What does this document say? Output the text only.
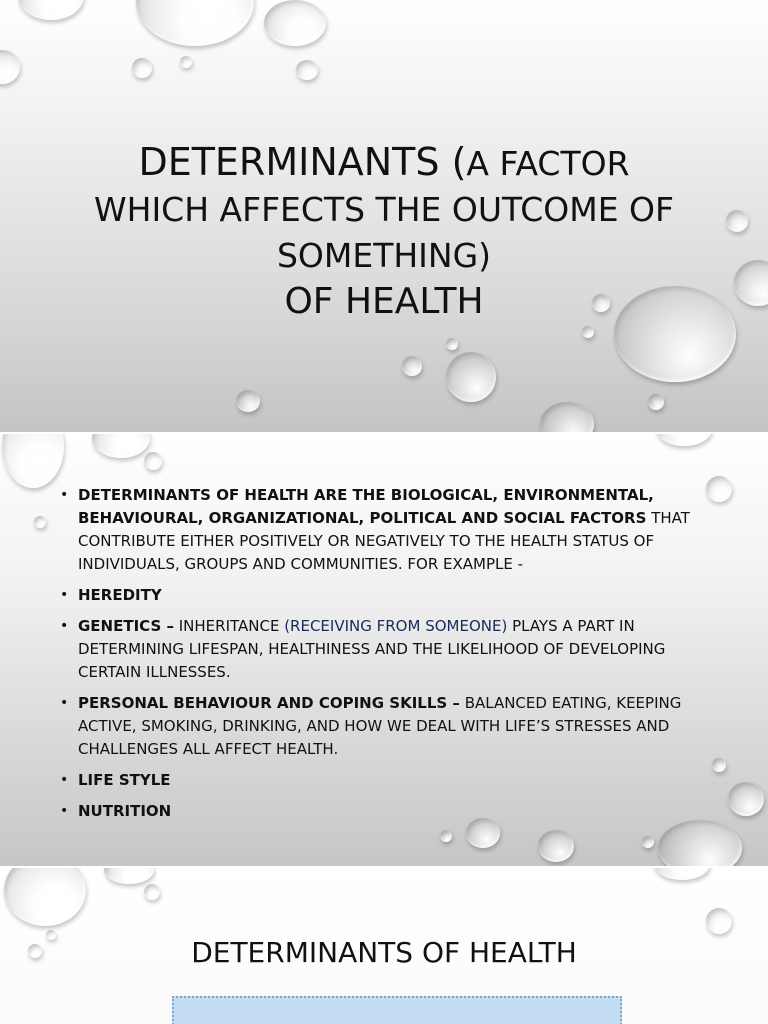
DETERMINANTS (A FACTOR
WHICH AFFECTS THE OUTCOME OF SOMETHING)

OF HEALTH
• DETERMINANTS OF HEALTH ARE THE BIOLOGICAL, ENVIRONMENTAL, BEHAVIOURAL, ORGANIZATIONAL, POLITICAL AND SOCIAL FACTORS THAT CONTRIBUTE EITHER POSITIVELY OR NEGATIVELY TO THE HEALTH STATUS OF INDIVIDUALS, GROUPS AND COMMUNITIES. FOR EXAMPLE -
• HEREDITY
• GENETICS – INHERITANCE (RECEIVING FROM SOMEONE) PLAYS A PART IN DETERMINING LIFESPAN, HEALTHINESS AND THE LIKELIHOOD OF DEVELOPING CERTAIN ILLNESSES.
• PERSONAL BEHAVIOUR AND COPING SKILLS – BALANCED EATING, KEEPING ACTIVE, SMOKING, DRINKING, AND HOW WE DEAL WITH LIFE’S STRESSES AND CHALLENGES ALL AFFECT HEALTH.
• LIFE STYLE
• NUTRITION
DETERMINANTS OF HEALTH
